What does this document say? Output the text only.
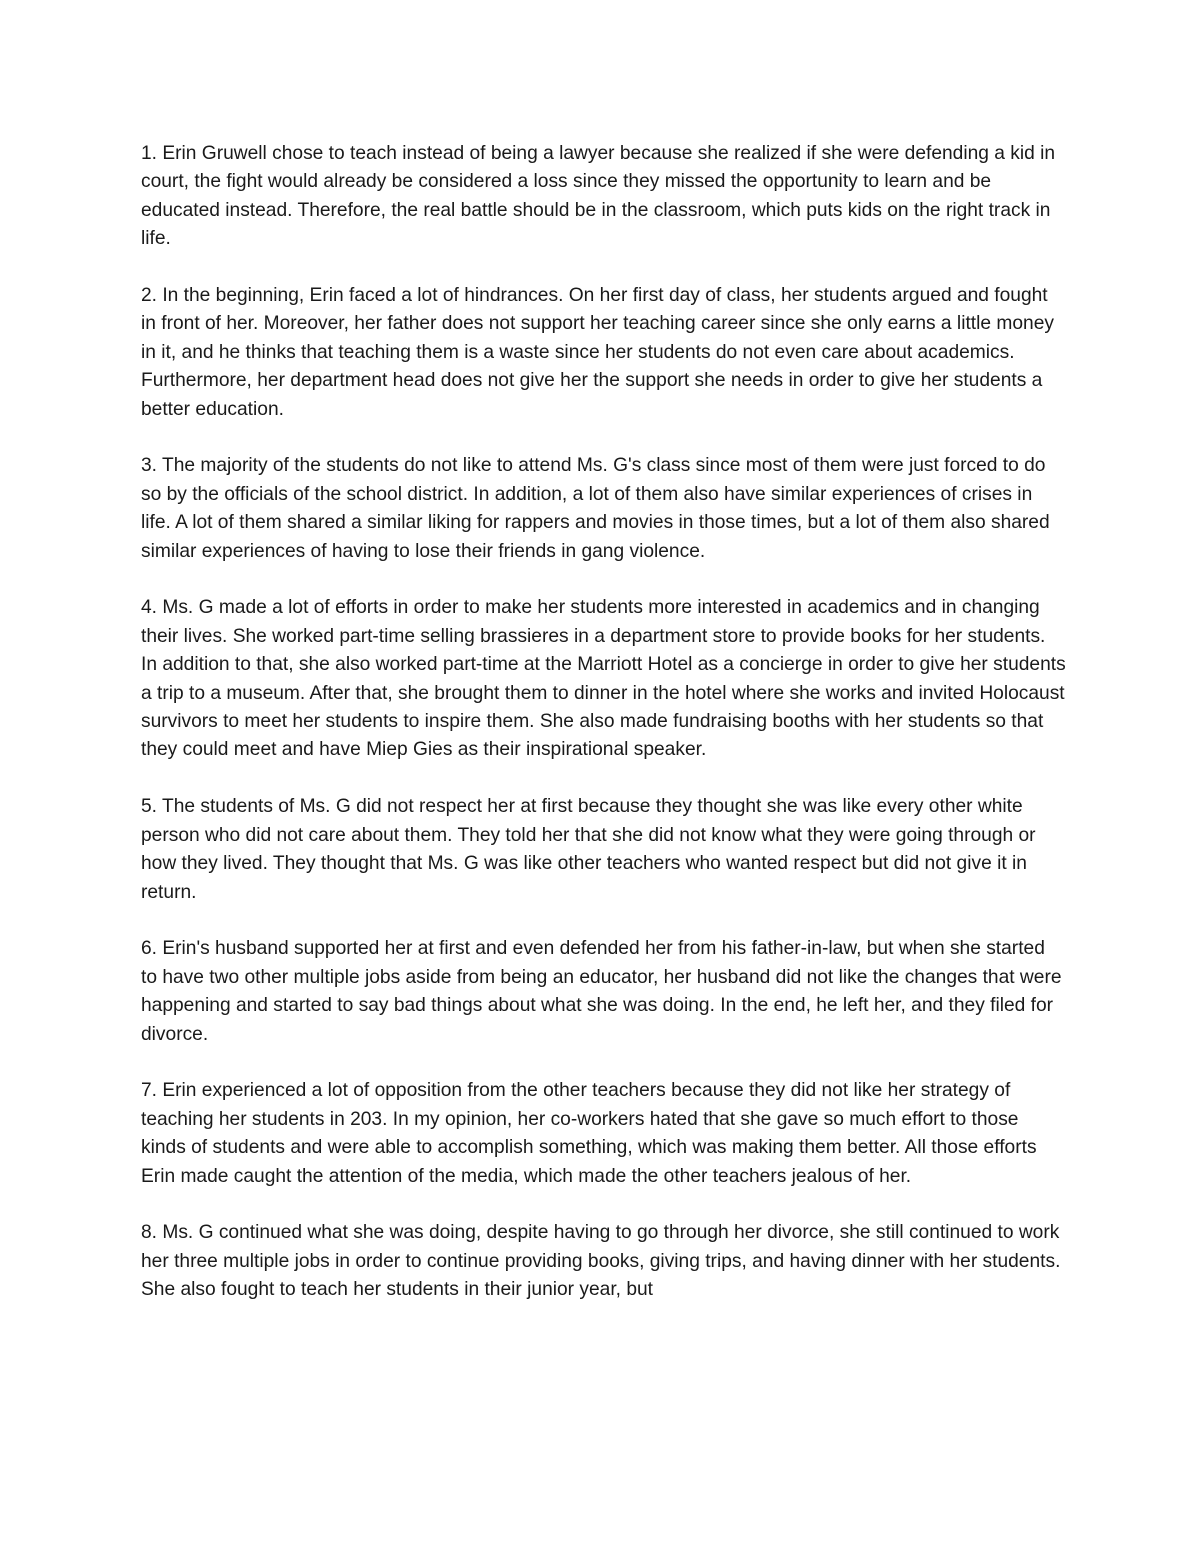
1. Erin Gruwell chose to teach instead of being a lawyer because she realized if she were defending a kid in court, the fight would already be considered a loss since they missed the opportunity to learn and be educated instead. Therefore, the real battle should be in the classroom, which puts kids on the right track in life.

2. In the beginning, Erin faced a lot of hindrances. On her first day of class, her students argued and fought in front of her. Moreover, her father does not support her teaching career since she only earns a little money in it, and he thinks that teaching them is a waste since her students do not even care about academics. Furthermore, her department head does not give her the support she needs in order to give her students a better education.

3. The majority of the students do not like to attend Ms. G's class since most of them were just forced to do so by the officials of the school district. In addition, a lot of them also have similar experiences of crises in life. A lot of them shared a similar liking for rappers and movies in those times, but a lot of them also shared similar experiences of having to lose their friends in gang violence.

4. Ms. G made a lot of efforts in order to make her students more interested in academics and in changing their lives. She worked part-time selling brassieres in a department store to provide books for her students. In addition to that, she also worked part-time at the Marriott Hotel as a concierge in order to give her students a trip to a museum. After that, she brought them to dinner in the hotel where she works and invited Holocaust survivors to meet her students to inspire them. She also made fundraising booths with her students so that they could meet and have Miep Gies as their inspirational speaker.

5. The students of Ms. G did not respect her at first because they thought she was like every other white person who did not care about them. They told her that she did not know what they were going through or how they lived. They thought that Ms. G was like other teachers who wanted respect but did not give it in return.

6. Erin's husband supported her at first and even defended her from his father-in-law, but when she started to have two other multiple jobs aside from being an educator, her husband did not like the changes that were happening and started to say bad things about what she was doing. In the end, he left her, and they filed for divorce.

7. Erin experienced a lot of opposition from the other teachers because they did not like her strategy of teaching her students in 203. In my opinion, her co-workers hated that she gave so much effort to those kinds of students and were able to accomplish something, which was making them better. All those efforts Erin made caught the attention of the media, which made the other teachers jealous of her.

8. Ms. G continued what she was doing, despite having to go through her divorce, she still continued to work her three multiple jobs in order to continue providing books, giving trips, and having dinner with her students. She also fought to teach her students in their junior year, but
